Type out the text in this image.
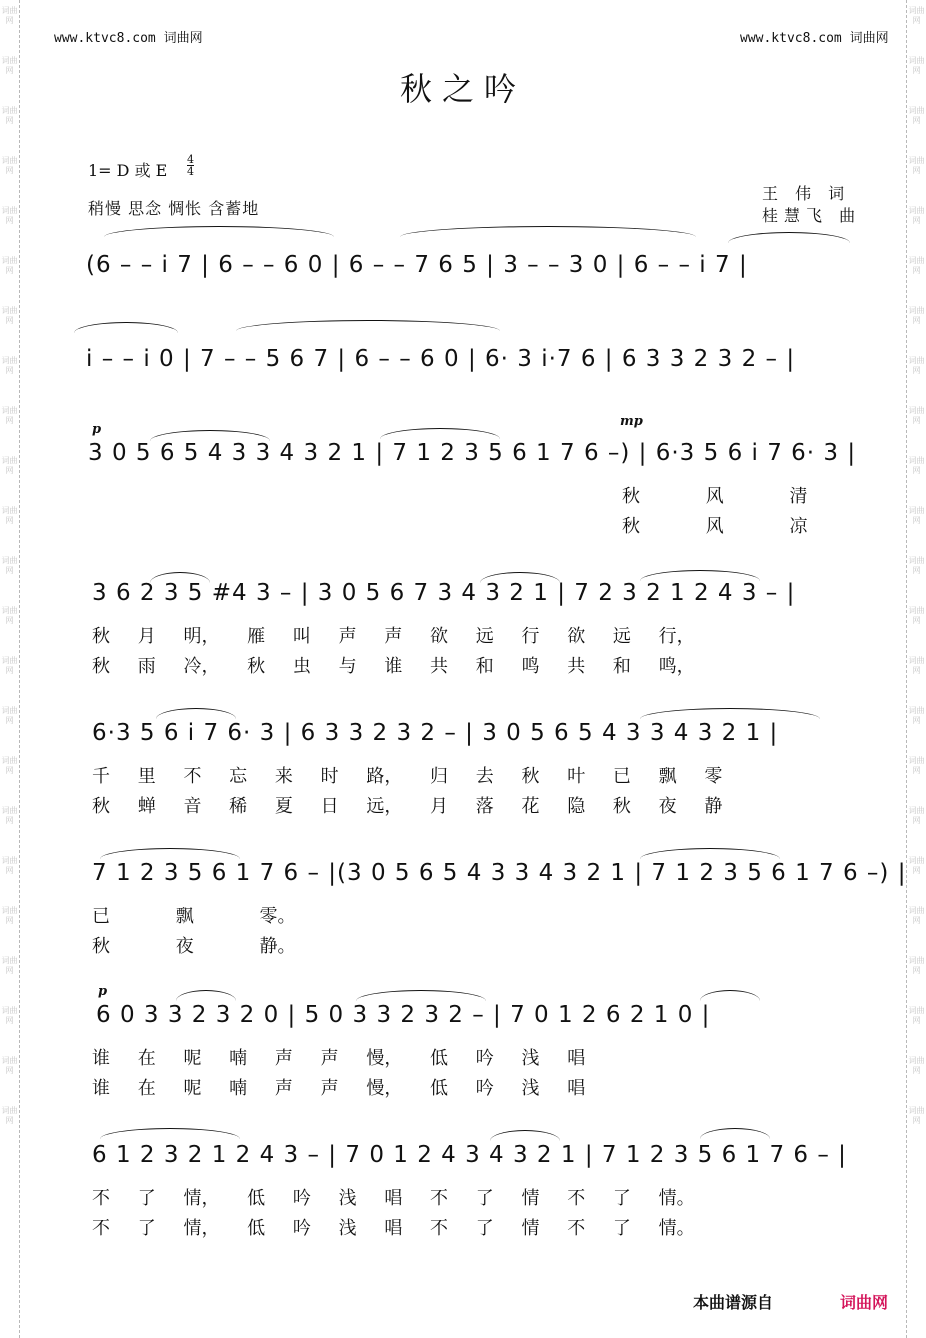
词曲网
词曲网
词曲网
词曲网
词曲网
词曲网
词曲网
词曲网
词曲网
词曲网
词曲网
词曲网
词曲网
词曲网
词曲网
词曲网
词曲网
词曲网
词曲网
词曲网
词曲网
词曲网
词曲网
词曲网
词曲网
词曲网
词曲网
词曲网
词曲网
词曲网
词曲网
词曲网
词曲网
词曲网
词曲网
词曲网
词曲网
词曲网
词曲网
词曲网
词曲网
词曲网
词曲网
词曲网
词曲网
词曲网
www.ktvc8.com 词曲网	www.ktvc8.com 词曲网
秋之吟
1= D 或 E
4
4
稍慢 思念 惆怅 含蓄地
王 伟 词
桂慧飞 曲
(6 – – i 7 | 6 – – 6 0 | 6 – – 7 6 5 | 3 – – 3 0 | 6 – – i 7 |
i – – i 0 | 7 – – 5 6 7 | 6 – – 6 0 | 6· 3 i·7 6 | 6 3 3 2 3 2 – |
p
mp
3 0 5 6 5 4 3 3 4 3 2 1 | 7 1 2 3 5 6 1 7 6 –) | 6·3 5 6 i 7 6· 3 |
秋 风 清
秋 风 凉
3 6 2 3 5 #4 3 – | 3 0 5 6 7 3 4 3 2 1 | 7 2 3 2 1 2 4 3 – |
秋 月 明， 雁 叫 声 声 欲 远 行 欲 远 行，
秋 雨 冷， 秋 虫 与 谁 共 和 鸣 共 和 鸣，
6·3 5 6 i 7 6· 3 | 6 3 3 2 3 2 – | 3 0 5 6 5 4 3 3 4 3 2 1 |
千 里 不 忘 来 时 路， 归 去 秋 叶 已 飘 零
秋 蝉 音 稀 夏 日 远， 月 落 花 隐 秋 夜 静
7 1 2 3 5 6 1 7 6 – |(3 0 5 6 5 4 3 3 4 3 2 1 | 7 1 2 3 5 6 1 7 6 –) |
已 飘 零。
秋 夜 静。
p
6 0 3 3 2 3 2 0 | 5 0 3 3 2 3 2 – | 7 0 1 2 6 2 1 0 |
谁 在 呢 喃 声 声 慢， 低 吟 浅 唱
谁 在 呢 喃 声 声 慢， 低 吟 浅 唱
6 1 2 3 2 1 2 4 3 – | 7 0 1 2 4 3 4 3 2 1 | 7 1 2 3 5 6 1 7 6 – |
不 了 情， 低 吟 浅 唱 不 了 情 不 了 情。
不 了 情， 低 吟 浅 唱 不 了 情 不 了 情。
本曲谱源自	词曲网
